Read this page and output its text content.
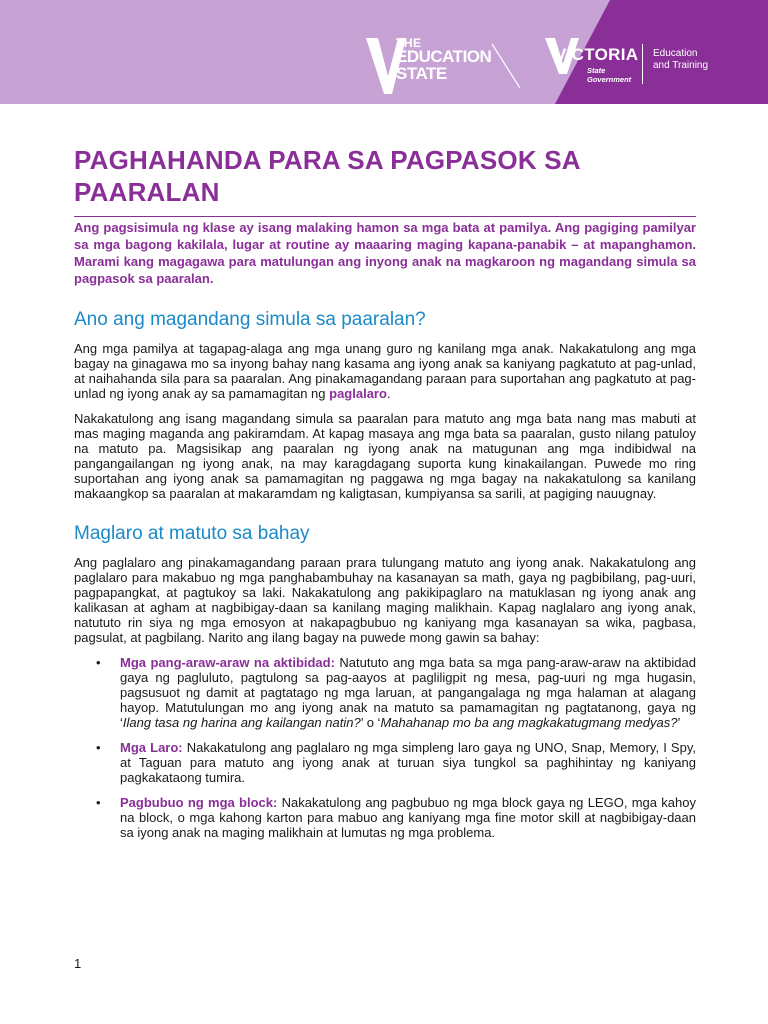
THE
EDUCATION
STATE
VICTORIA
State Government
Education
and Training
PAGHAHANDA PARA SA PAGPASOK SA PAARALAN

Ang pagsisimula ng klase ay isang malaking hamon sa mga bata at pamilya. Ang pagiging pamilyar sa mga bagong kakilala, lugar at routine ay maaaring maging kapana-panabik – at mapanghamon. Marami kang magagawa para matulungan ang inyong anak na magkaroon ng magandang simula sa pagpasok sa paaralan.

Ano ang magandang simula sa paaralan?

Ang mga pamilya at tagapag-alaga ang mga unang guro ng kanilang mga anak. Nakakatulong ang mga bagay na ginagawa mo sa inyong bahay nang kasama ang iyong anak sa kaniyang pagkatuto at pag-unlad, at naihahanda sila para sa paaralan. Ang pinakamagandang paraan para suportahan ang pagkatuto at pag-unlad ng iyong anak ay sa pamamagitan ng paglalaro.

Nakakatulong ang isang magandang simula sa paaralan para matuto ang mga bata nang mas mabuti at mas maging maganda ang pakiramdam. At kapag masaya ang mga bata sa paaralan, gusto nilang patuloy na matuto pa. Magsisikap ang paaralan ng iyong anak na matugunan ang mga indibidwal na pangangailangan ng iyong anak, na may karagdagang suporta kung kinakailangan. Puwede mo ring suportahan ang iyong anak sa pamamagitan ng paggawa ng mga bagay na nakakatulong sa kanilang makaangkop sa paaralan at makaramdam ng kaligtasan, kumpiyansa sa sarili, at pagiging nauugnay.

Maglaro at matuto sa bahay

Ang paglalaro ang pinakamagandang paraan prara tulungang matuto ang iyong anak. Nakakatulong ang paglalaro para makabuo ng mga panghabambuhay na kasanayan sa math, gaya ng pagbibilang, pag-uuri, pagpapangkat, at pagtukoy sa laki. Nakakatulong ang pakikipaglaro na matuklasan ng iyong anak ang kalikasan at agham at nagbibigay-daan sa kanilang maging malikhain. Kapag naglalaro ang iyong anak, natututo rin siya ng mga emosyon at nakapagbubuo ng kaniyang mga kasanayan sa wika, pagbasa, pagsulat, at pagbilang. Narito ang ilang bagay na puwede mong gawin sa bahay:

• Mga pang-araw-araw na aktibidad: Natututo ang mga bata sa mga pang-araw-araw na aktibidad gaya ng pagluluto, pagtulong sa pag-aayos at pagliligpit ng mesa, pag-uuri ng mga hugasin, pagsusuot ng damit at pagtatago ng mga laruan, at pangangalaga ng mga halaman at alagang hayop. Matutulungan mo ang iyong anak na matuto sa pamamagitan ng pagtatanong, gaya ng ‘Ilang tasa ng harina ang kailangan natin?’ o ‘Mahahanap mo ba ang magkakatugmang medyas?’
• Mga Laro: Nakakatulong ang paglalaro ng mga simpleng laro gaya ng UNO, Snap, Memory, I Spy, at Taguan para matuto ang iyong anak at turuan siya tungkol sa paghihintay ng kaniyang pagkakataong tumira.
• Pagbubuo ng mga block: Nakakatulong ang pagbubuo ng mga block gaya ng LEGO, mga kahoy na block, o mga kahong karton para mabuo ang kaniyang mga fine motor skill at nagbibigay-daan sa iyong anak na maging malikhain at lumutas ng mga problema.
1
